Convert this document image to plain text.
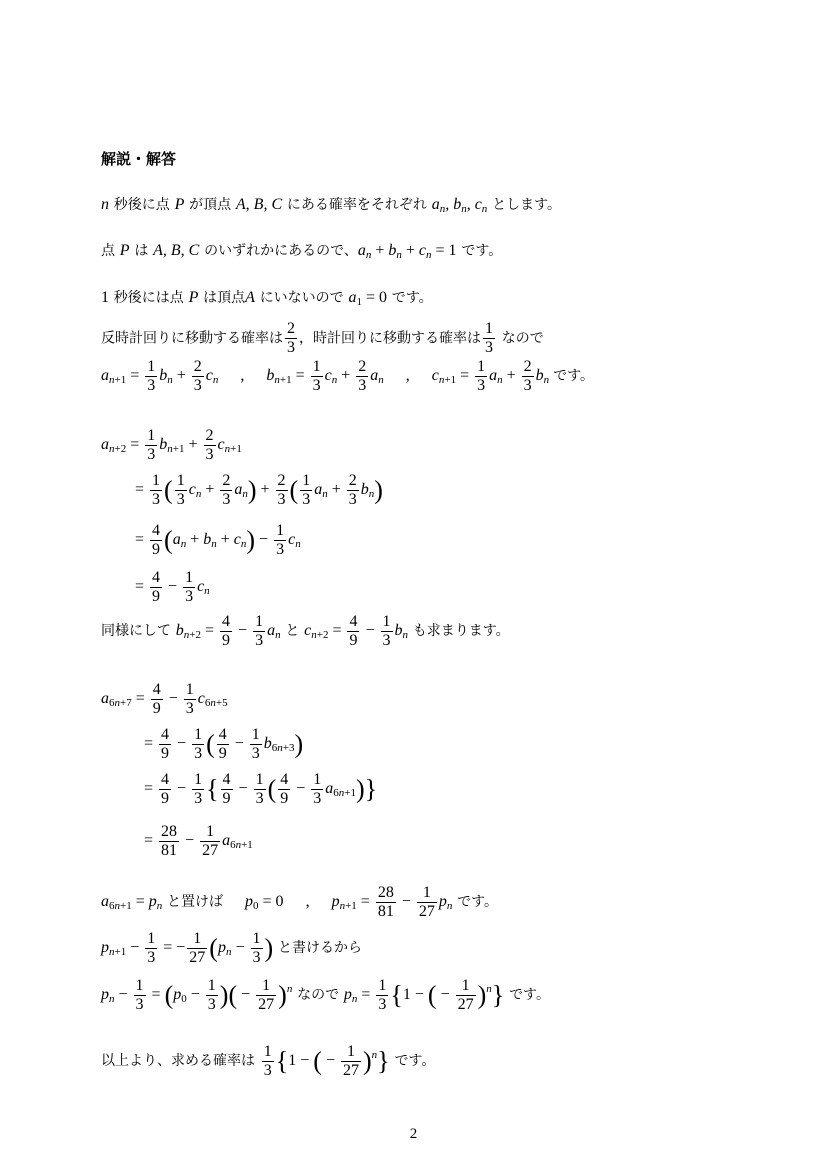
解説・解答
n 秒後に点 P が頂点 A, B, C にある確率をそれぞれ $a_n$, $b_n$, $c_n$ とします。
点 P は A, B, C のいずれかにあるので、$a_n + b_n + c_n = 1$ です。
1 秒後には点 P は頂点A にいないので $a_1 = 0$ です。
反時計回りに移動する確率は $\frac{2}{3}$ ，時計回りに移動する確率は $\frac{1}{3}$ なので
$a_{n+1} = \frac{1}{3} b_n + \frac{2}{3} c_n$ , $b_{n+1} = \frac{1}{3} c_n + \frac{2}{3} a_n$ , $c_{n+1} = \frac{1}{3} a_n + \frac{2}{3} b_n$ です。
$a_{n+2} = \frac{1}{3} b_{n+1} + \frac{2}{3} c_{n+1}$
= $\frac{1}{3}$ ( $\frac{1}{3} c_n + \frac{2}{3} a_n) + \frac{2}{3}$ ( $\frac{1}{3} a_n + \frac{2}{3} b_n$)
= $\frac{4}{9} (a_n + b_n + c_n) - \frac{1}{3} c_n$
= $\frac{4}{9} - \frac{1}{3} c_n$
同様にして $b_{n+2} = \frac{4}{9} - \frac{1}{3} a_n$ と $c_{n+2} = \frac{4}{9} - \frac{1}{3} b_n$ も求まります。
$a_{6n+7} = \frac{4}{9} - \frac{1}{3} c_{6n+5}$
= $\frac{4}{9} - \frac{1}{3}$ ( $\frac{4}{9} - \frac{1}{3} b_{6n+3}$)
= $\frac{4}{9} - \frac{1}{3}$ { $\frac{4}{9} - \frac{1}{3}$ ( $\frac{4}{9} - \frac{1}{3} a_{6n+1}$)}
= $\frac{28}{81} - \frac{1}{27} a_{6n+1}$
$a_{6n+1} = p_n$ と置けば $p_0 = 0$ , $p_{n+1} = \frac{28}{81} - \frac{1}{27} p_n$ です。
$p_{n+1} - \frac{1}{3}$ = − $\frac{1}{27} (p_n - \frac{1}{3}$ ) と書けるから
$p_n - \frac{1}{3} = (p_0 - \frac{1}{3}$ )( − $\frac{1}{27} )^n$ なので $p_n = \frac{1}{3} \{1$ − ( − $\frac{1}{27} )^n$} です。
以上より、求める確率は $\frac{1}{3} \{1$ − ( − $\frac{1}{27} )^n$} です。
2
